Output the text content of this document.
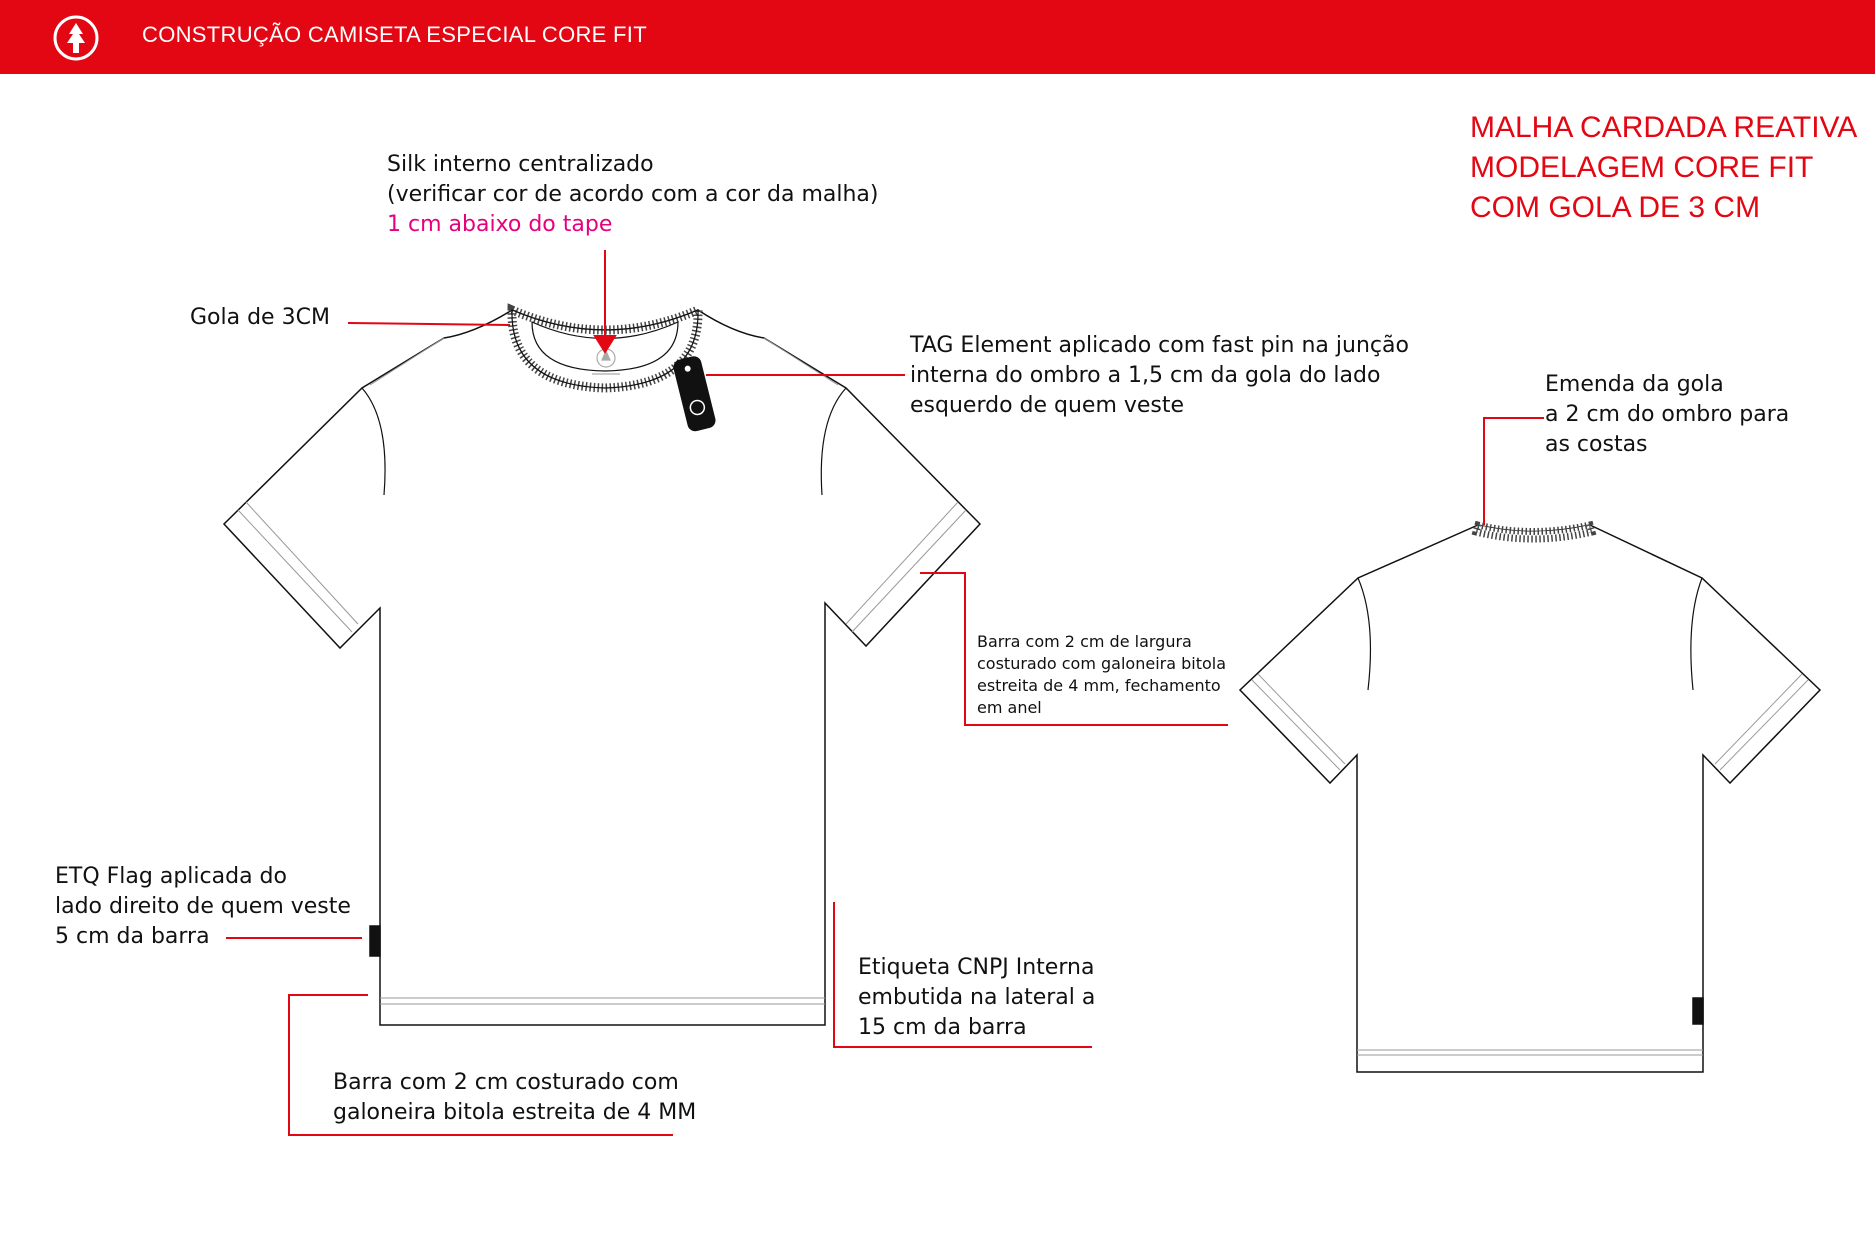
CONSTRUÇÃO CAMISETA ESPECIAL CORE FIT
MALHA CARDADA REATIVA
MODELAGEM CORE FIT
COM GOLA DE 3 CM
Silk interno centralizado
(verificar cor de acordo com a cor da malha)
1 cm abaixo do tape
Gola de 3CM
TAG Element aplicado com fast pin na junção
interna do ombro a 1,5 cm da gola do lado
esquerdo de quem veste
Emenda da gola
a 2 cm do ombro para
as costas
Barra com 2 cm de largura
costurado com galoneira bitola
estreita de 4 mm, fechamento
em anel
ETQ Flag aplicada do
lado direito de quem veste
5 cm da barra
Etiqueta CNPJ Interna
embutida na lateral a
15 cm da barra
Barra com 2 cm costurado com
galoneira bitola estreita de 4 MM
